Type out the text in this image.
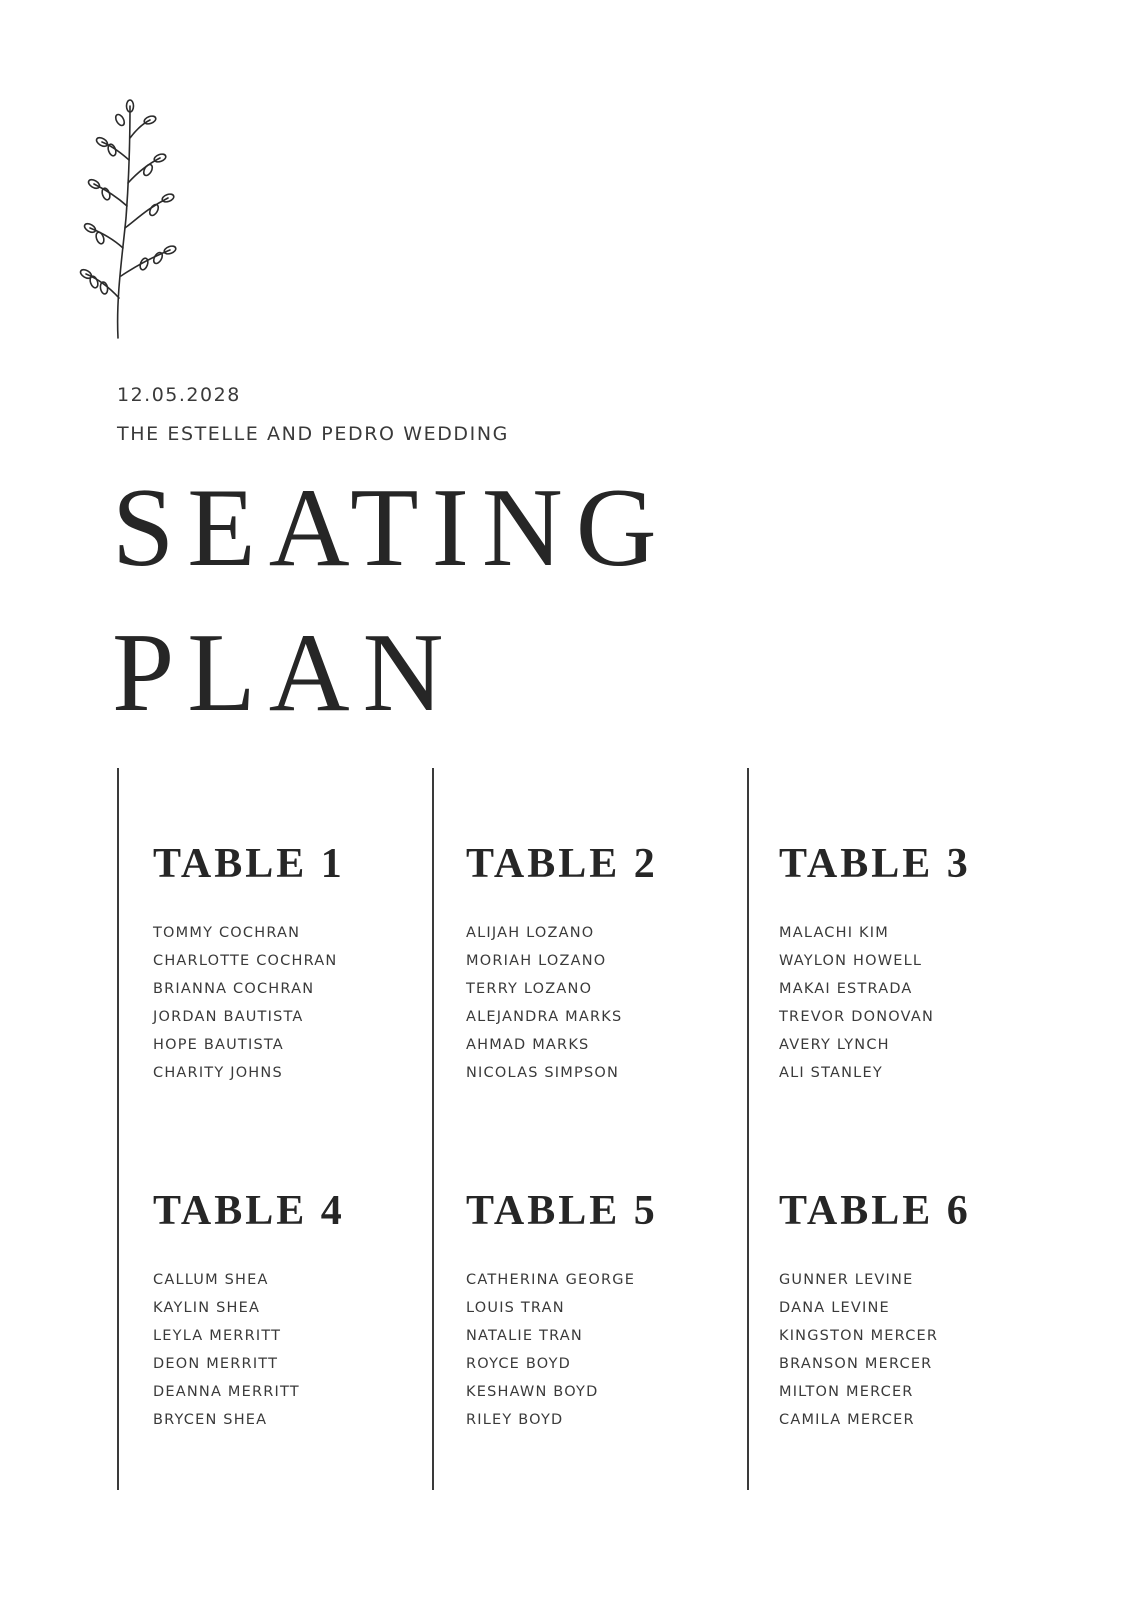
12.05.2028
THE ESTELLE AND PEDRO WEDDING
SEATING
PLAN
TABLE 1
TOMMY COCHRAN
CHARLOTTE COCHRAN
BRIANNA COCHRAN
JORDAN BAUTISTA
HOPE BAUTISTA
CHARITY JOHNS
TABLE 2
ALIJAH LOZANO
MORIAH LOZANO
TERRY LOZANO
ALEJANDRA MARKS
AHMAD MARKS
NICOLAS SIMPSON
TABLE 3
MALACHI KIM
WAYLON HOWELL
MAKAI ESTRADA
TREVOR DONOVAN
AVERY LYNCH
ALI STANLEY
TABLE 4
CALLUM SHEA
KAYLIN SHEA
LEYLA MERRITT
DEON MERRITT
DEANNA MERRITT
BRYCEN SHEA
TABLE 5
CATHERINA GEORGE
LOUIS TRAN
NATALIE TRAN
ROYCE BOYD
KESHAWN BOYD
RILEY BOYD
TABLE 6
GUNNER LEVINE
DANA LEVINE
KINGSTON MERCER
BRANSON MERCER
MILTON MERCER
CAMILA MERCER
